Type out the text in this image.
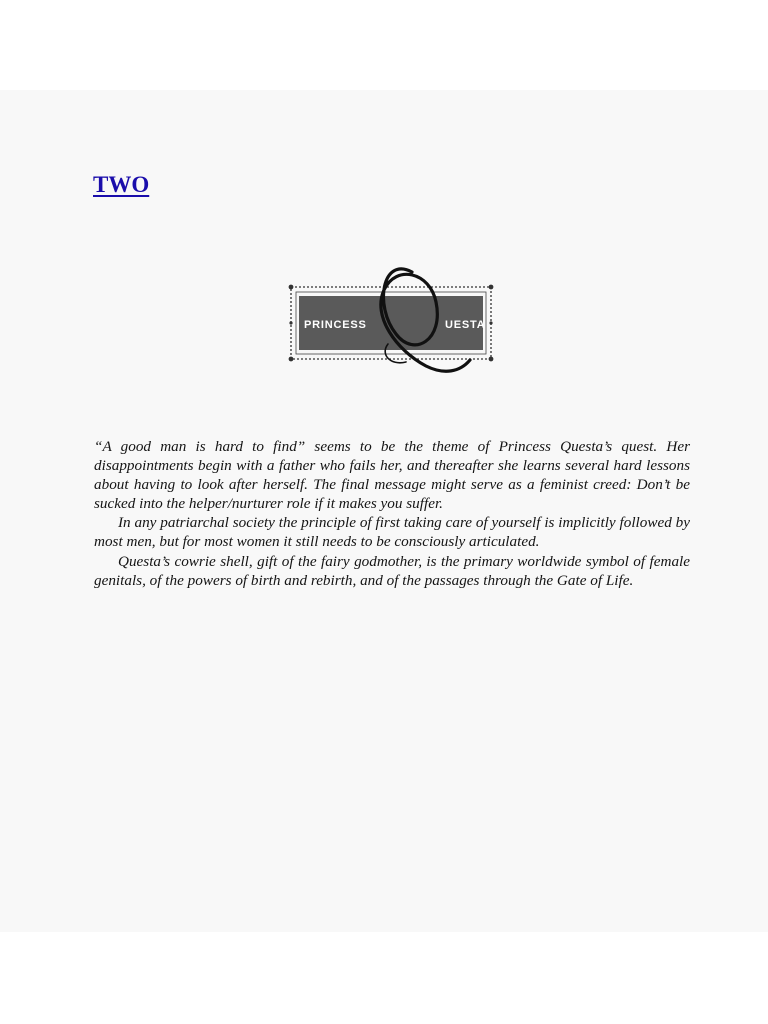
TWO
PRINCESS	UESTA

“A good man is hard to find” seems to be the theme of Princess Questa’s quest. Her disappointments begin with a father who fails her, and thereafter she learns several hard lessons about having to look after herself. The final message might serve as a feminist creed: Don’t be sucked into the helper/nurturer role if it makes you suffer.

In any patriarchal society the principle of first taking care of yourself is implicitly followed by most men, but for most women it still needs to be consciously articulated.

Questa’s cowrie shell, gift of the fairy godmother, is the primary worldwide symbol of female genitals, of the powers of birth and rebirth, and of the passages through the Gate of Life.
